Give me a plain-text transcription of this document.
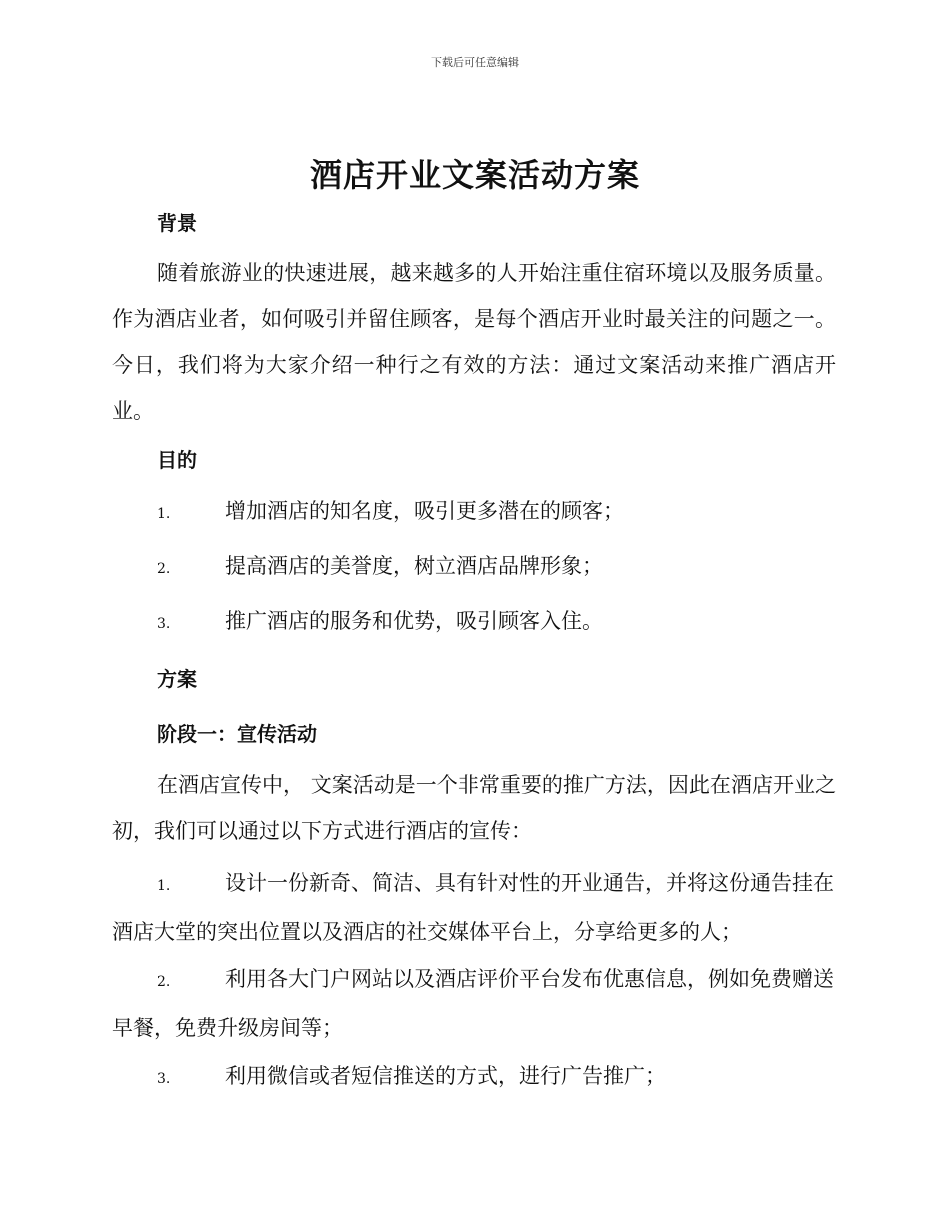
下载后可任意编辑
酒店开业文案活动方案
背景

随着旅游业的快速进展，越来越多的人开始注重住宿环境以及服务质量。作为酒店业者，如何吸引并留住顾客，是每个酒店开业时最关注的问题之一。今日，我们将为大家介绍一种行之有效的方法：通过文案活动来推广酒店开业。

目的

1.	增加酒店的知名度，吸引更多潜在的顾客；

2.	提高酒店的美誉度，树立酒店品牌形象；

3.	推广酒店的服务和优势，吸引顾客入住。

方案
阶段一：宣传活动

在酒店宣传中， 文案活动是一个非常重要的推广方法，因此在酒店开业之初，我们可以通过以下方式进行酒店的宣传：

1.	设计一份新奇、简洁、具有针对性的开业通告，并将这份通告挂在酒店大堂的突出位置以及酒店的社交媒体平台上，分享给更多的人；

2.	利用各大门户网站以及酒店评价平台发布优惠信息，例如免费赠送早餐，免费升级房间等；

3.	利用微信或者短信推送的方式，进行广告推广；
